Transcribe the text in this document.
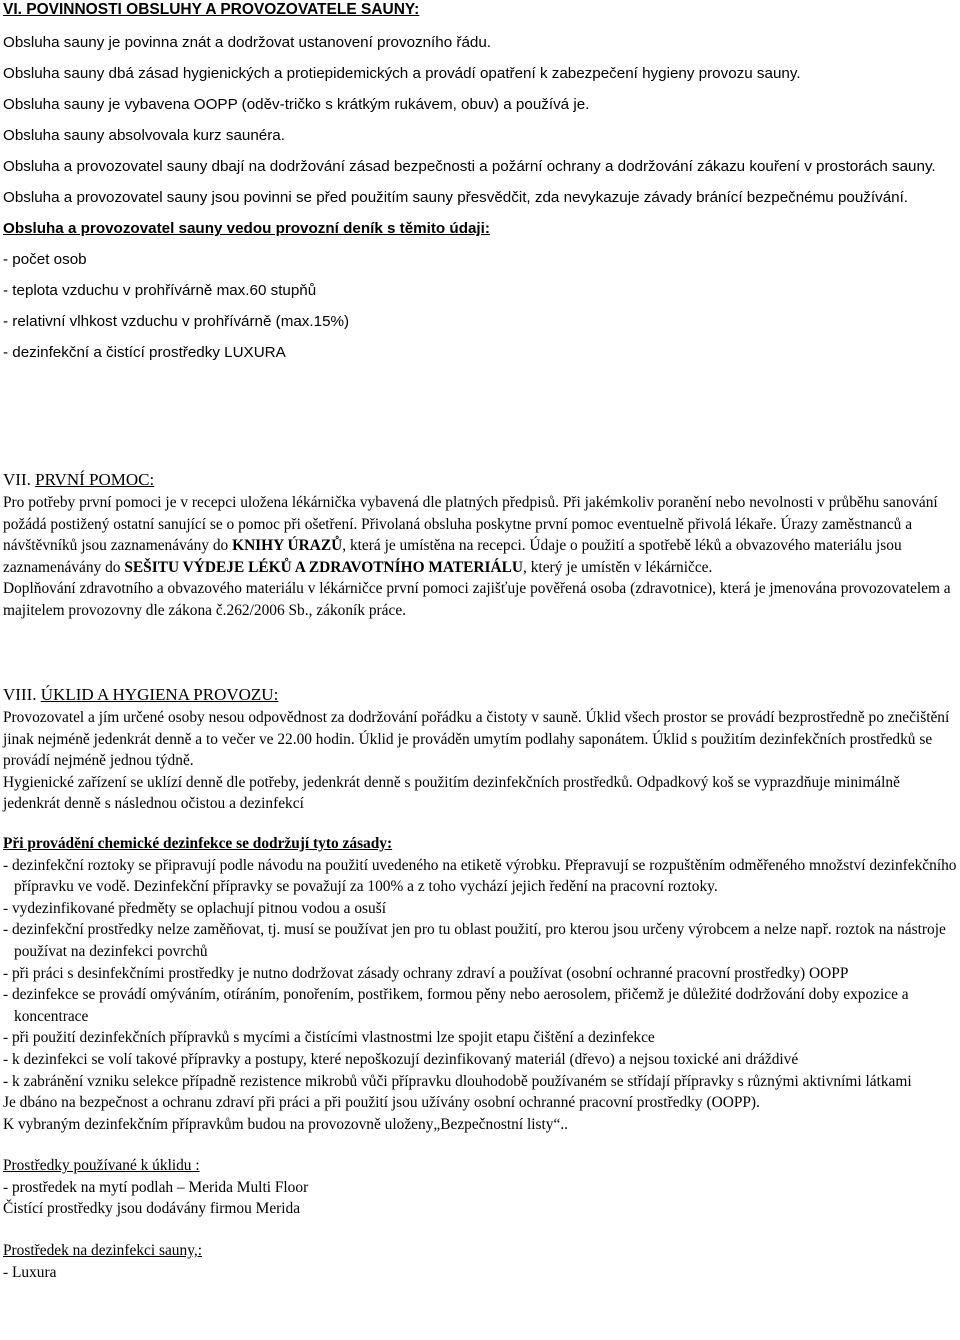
VI. POVINNOSTI OBSLUHY A PROVOZOVATELE SAUNY:

Obsluha sauny je povinna znát a dodržovat ustanovení provozního řádu.

Obsluha sauny dbá zásad hygienických a protiepidemických a provádí opatření k zabezpečení hygieny provozu sauny.

Obsluha sauny je vybavena OOPP (oděv-tričko s krátkým rukávem, obuv) a používá je.

Obsluha sauny absolvovala kurz saunéra.

Obsluha a provozovatel sauny dbají na dodržování zásad bezpečnosti a požární ochrany a dodržování zákazu kouření v prostorách sauny.

Obsluha a provozovatel sauny jsou povinni se před použitím sauny přesvědčit, zda nevykazuje závady bránící bezpečnému používání.

Obsluha a provozovatel sauny vedou provozní deník s těmito údaji:

- počet osob

- teplota vzduchu v prohřívárně max.60 stupňů

- relativní vlhkost vzduchu v prohřívárně (max.15%)

- dezinfekční a čistící prostředky LUXURA

VII. PRVNÍ POMOC:

Pro potřeby první pomoci je v recepci uložena lékárnička vybavená dle platných předpisů. Při jakémkoliv poranění nebo nevolnosti v průběhu sanování požádá postižený ostatní sanující se o pomoc při ošetření. Přivolaná obsluha poskytne první pomoc eventuelně přivolá lékaře. Úrazy zaměstnanců a návštěvníků jsou zaznamenávány do KNIHY ÚRAZŮ, která je umístěna na recepci. Údaje o použití a spotřebě léků a obvazového materiálu jsou zaznamenávány do SEŠITU VÝDEJE LÉKŮ A ZDRAVOTNÍHO MATERIÁLU, který je umístěn v lékárničce.

Doplňování zdravotního a obvazového materiálu v lékárničce první pomoci zajišťuje pověřená osoba (zdravotnice), která je jmenována provozovatelem a majitelem provozovny dle zákona č.262/2006 Sb., zákoník práce.

VIII. ÚKLID A HYGIENA PROVOZU:

Provozovatel a jím určené osoby nesou odpovědnost za dodržování pořádku a čistoty v sauně. Úklid všech prostor se provádí bezprostředně po znečištění jinak nejméně jedenkrát denně a to večer ve 22.00 hodin. Úklid je prováděn umytím podlahy saponátem. Úklid s použitím dezinfekčních prostředků se provádí nejméně jednou týdně.

Hygienické zařízení se uklízí denně dle potřeby, jedenkrát denně s použitím dezinfekčních prostředků. Odpadkový koš se vyprazdňuje minimálně jedenkrát denně s následnou očistou a dezinfekcí

Při provádění chemické dezinfekce se dodržují tyto zásady:

- dezinfekční roztoky se připravují podle návodu na použití uvedeného na etiketě výrobku. Přepravují se rozpuštěním odměřeného množství dezinfekčního přípravku ve vodě. Dezinfekční přípravky se považují za 100% a z toho vychází jejich ředění na pracovní roztoky.

- vydezinfikované předměty se oplachují pitnou vodou a osuší

- dezinfekční prostředky nelze zaměňovat, tj. musí se používat jen pro tu oblast použití, pro kterou jsou určeny výrobcem a nelze např. roztok na nástroje používat na dezinfekci povrchů

- při práci s desinfekčními prostředky je nutno dodržovat zásady ochrany zdraví a používat (osobní ochranné pracovní prostředky) OOPP

- dezinfekce se provádí omýváním, otíráním, ponořením, postřikem, formou pěny nebo aerosolem, přičemž je důležité dodržování doby expozice a koncentrace

- při použití dezinfekčních přípravků s mycími a čistícími vlastnostmi lze spojit etapu čištění a dezinfekce

- k dezinfekci se volí takové přípravky a postupy, které nepoškozují dezinfikovaný materiál (dřevo) a nejsou toxické ani dráždivé

- k zabránění vzniku selekce případně rezistence mikrobů vůči přípravku dlouhodobě používaném se střídají přípravky s různými aktivními látkami

Je dbáno na bezpečnost a ochranu zdraví při práci a při použití jsou užívány osobní ochranné pracovní prostředky (OOPP).

K vybraným dezinfekčním přípravkům budou na provozovně uloženy„Bezpečnostní listy“..

Prostředky používané k úklidu :

- prostředek na mytí podlah – Merida Multi Floor

Čistící prostředky jsou dodávány firmou Merida

Prostředek na dezinfekci sauny,:

- Luxura
